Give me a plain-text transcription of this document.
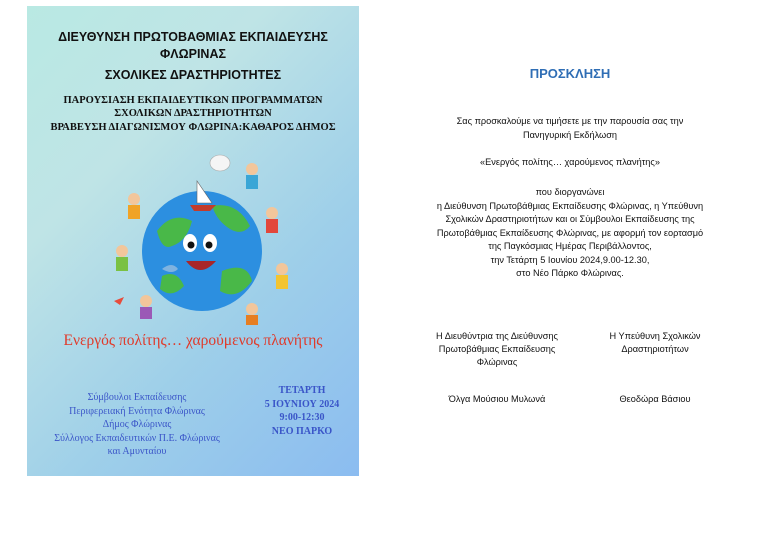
ΔΙΕΥΘΥΝΣΗ ΠΡΩΤΟΒΑΘΜΙΑΣ ΕΚΠΑΙΔΕΥΣΗΣ
ΦΛΩΡΙΝΑΣ
ΣΧΟΛΙΚΕΣ ΔΡΑΣΤΗΡΙΟΤΗΤΕΣ
ΠΑΡΟΥΣΙΑΣΗ ΕΚΠΑΙΔΕΥΤΙΚΩΝ ΠΡΟΓΡΑΜΜΑΤΩΝ
ΣΧΟΛΙΚΩΝ ΔΡΑΣΤΗΡΙΟΤΗΤΩΝ
ΒΡΑΒΕΥΣΗ ΔΙΑΓΩΝΙΣΜΟΥ ΦΛΩΡΙΝΑ:ΚΑΘΑΡΟΣ ΔΗΜΟΣ
Ενεργός πολίτης… χαρούμενος πλανήτης
Σύμβουλοι Εκπαίδευσης
Περιφερειακή Ενότητα Φλώρινας
Δήμος Φλώρινας
Σύλλογος Εκπαιδευτικών Π.Ε. Φλώρινας
και Αμυνταίου
ΤΕΤΑΡΤΗ
5 ΙΟΥΝΙΟΥ 2024
9:00-12:30
ΝΕΟ ΠΑΡΚΟ
ΠΡΟΣΚΛΗΣΗ
Σας προσκαλούμε να τιμήσετε με την παρουσία σας την
Πανηγυρική Εκδήλωση
«Ενεργός πολίτης… χαρούμενος πλανήτης»
που διοργανώνει
η Διεύθυνση Πρωτοβάθμιας Εκπαίδευσης Φλώρινας, η Υπεύθυνη
Σχολικών Δραστηριοτήτων και οι Σύμβουλοι Εκπαίδευσης της
Πρωτοβάθμιας Εκπαίδευσης Φλώρινας, με αφορμή τον εορτασμό
της Παγκόσμιας Ημέρας Περιβάλλοντος,
την Τετάρτη 5 Ιουνίου 2024,9.00-12.30,
στο Νέο Πάρκο Φλώρινας.
Η Διευθύντρια της Διεύθυνσης
Πρωτοβάθμιας Εκπαίδευσης
Φλώρινας
Η Υπεύθυνη Σχολικών
Δραστηριοτήτων
Όλγα Μούσιου Μυλωνά	Θεοδώρα Βάσιου
